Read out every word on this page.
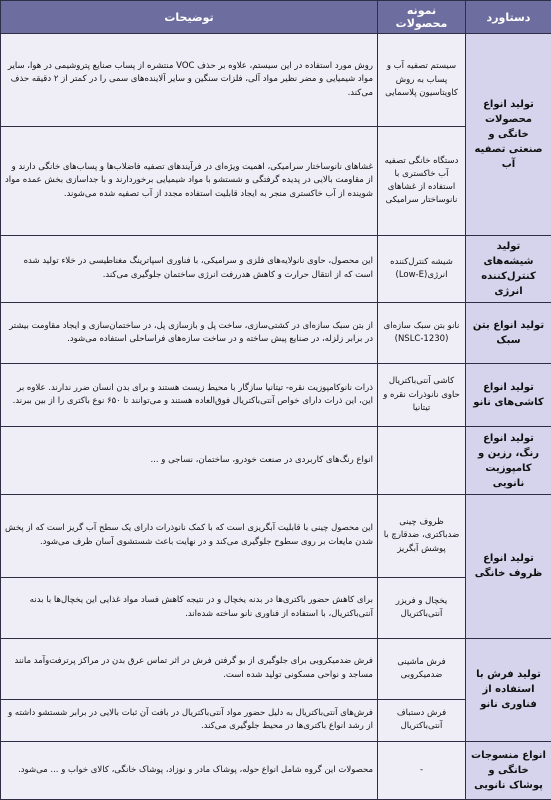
دستاورد	نمونه محصولات	توضیحات
تولید انواع محصولات خانگی و صنعتی تصفیه آب	سیستم تصفیه آب و پساب به روش کاویتاسیون پلاسمایی	روش مورد استفاده در این سیستم، علاوه بر حذف VOC منتشره از پساب صنایع پتروشیمی در هوا، سایر مواد شیمیایی و مضر نظیر مواد آلی، فلزات سنگین و سایر آلاینده‌های سمی را در کمتر از ۲ دقیقه حذف می‌کند.
	دستگاه خانگی تصفیه آب خاکستری با استفاده از غشاهای نانوساختار سرامیکی	غشاهای نانوساختار سرامیکی، اهمیت ویژه‌ای در فرآیندهای تصفیه فاضلاب‌ها و پساب‌های خانگی دارند و از مقاومت بالایی در پدیده گرفتگی و شستشو با مواد شیمیایی برخوردارند و با جداسازی بخش عمده مواد شوینده از آب خاکستری منجر به ایجاد قابلیت استفاده مجدد از آب تصفیه شده می‌شوند.
تولید شیشه‌های کنترل‌کننده انرژی	شیشه کنترل‌کننده انرژی(Low-E)	این محصول، حاوی نانولایه‌های فلزی و سرامیکی، با فناوری اسپاترینگ مغناطیسی در خلاء تولید شده است که از انتقال حرارت و کاهش هدررفت انرژی ساختمان جلوگیری می‌کند.
تولید انواع بتن سبک	نانو بتن سبک سازه‌ای (NSLC-1230)	از بتن سبک سازه‌ای در کشتی‌سازی، ساخت پل و بازسازی پل، در ساختمان‌سازی و ایجاد مقاومت بیشتر در برابر زلزله، در صنایع پیش ساخته و در ساخت سازه‌های فراساحلی استفاده می‌شود.
تولید انواع کاشی‌های نانو	کاشی آنتی‌باکتریال حاوی نانوذرات نقره و تیتانیا	ذرات نانوکامپوزیت نقره- تیتانیا سازگار با محیط زیست هستند و برای بدن انسان ضرر ندارند. علاوه بر این، این ذرات دارای خواص آنتی‌باکتریال فوق‌العاده هستند و می‌توانند تا ۶۵۰ نوع باکتری را از بین ببرند.
تولید انواع رنگ، رزین و کامپوزیت نانویی		انواع رنگ‌های کاربردی در صنعت خودرو، ساختمان، نساجی و ...
تولید انواع ظروف خانگی	ظروف چینی ضدباکتری، ضدقارچ با پوشش آبگریز	این محصول چینی با قابلیت آبگریزی است که با کمک نانوذرات دارای یک سطح آب گریز است که از پخش شدن مایعات بر روی سطوح جلوگیری می‌کند و در نهایت باعث شستشوی آسان ظرف می‌شود.
	یخچال و فریزر آنتی‌باکتریال	برای کاهش حضور باکتری‌ها در بدنه یخچال و در نتیجه کاهش فساد مواد غذایی این یخچال‌ها با بدنه آنتی‌باکتریال، با استفاده از فناوری نانو ساخته شده‌اند.
تولید فرش با استفاده از فناوری نانو	فرش ماشینی ضدمیکروبی	فرش ضدمیکروبی برای جلوگیری از بو گرفتن فرش در اثر تماس عرق بدن در مراکز پرترفت‌وآمد مانند مساجد و نواحی مسکونی تولید شده است.
	فرش دستباف آنتی‌باکتریال	فرش‌های آنتی‌باکتریال به دلیل حضور مواد آنتی‌باکتریال در بافت آن ثبات بالایی در برابر شستشو داشته و از رشد انواع باکتری‌ها در محیط جلوگیری می‌کند.
انواع منسوجات خانگی و پوشاک نانویی	-	محصولات این گروه شامل انواع حوله، پوشاک مادر و نوزاد، پوشاک خانگی، کالای خواب و ... می‌شود.
